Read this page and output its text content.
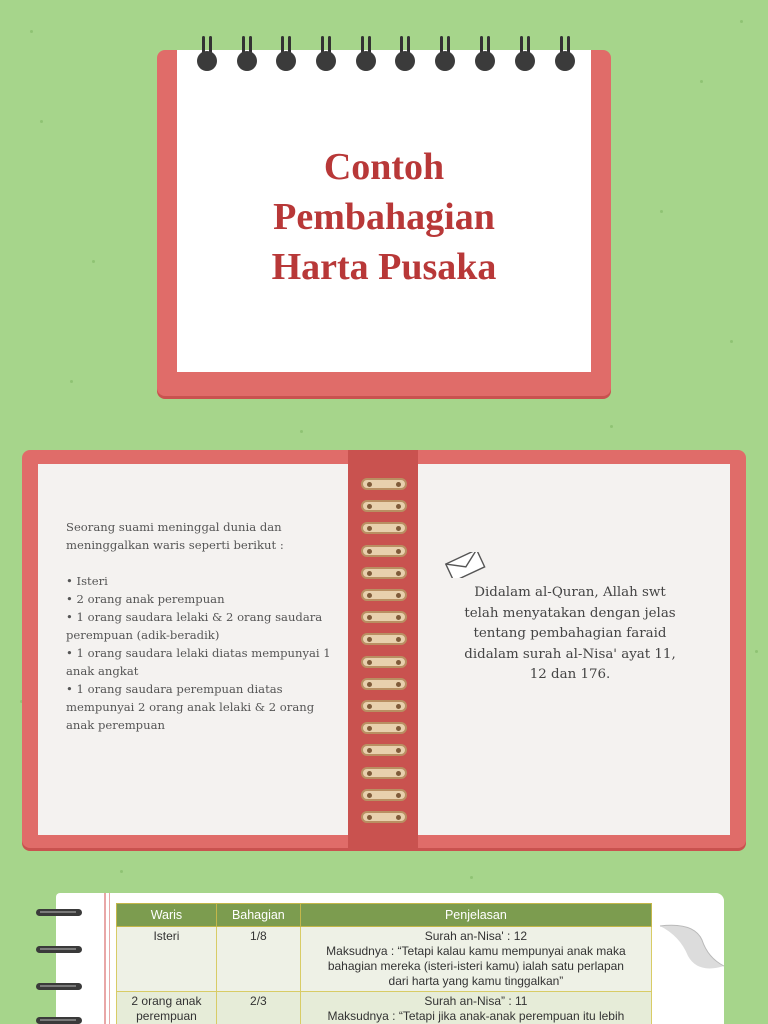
Contoh
Pembahagian
Harta Pusaka
Seorang suami meninggal dunia dan
meninggalkan waris seperti berikut :
• Isteri
• 2 orang anak perempuan
• 1 orang saudara lelaki & 2 orang saudara
perempuan (adik-beradik)
• 1 orang saudara lelaki diatas mempunyai 1
anak angkat
• 1 orang saudara perempuan diatas
mempunyai 2 orang anak lelaki & 2 orang
anak perempuan
Didalam al-Quran, Allah swt
telah menyatakan dengan jelas
tentang pembahagian faraid
didalam surah al-Nisa' ayat 11,
12 dan 176.
Waris	Bahagian	Penjelasan
Isteri	1/8	Surah an-Nisa' : 12
Maksudnya : “Tetapi kalau kamu mempunyai anak maka
bahagian mereka (isteri-isteri kamu) ialah satu perlapan
dari harta yang kamu tinggalkan”

2 orang anak perempuan	2/3	Surah an-Nisa” : 11
Maksudnya : “Tetapi jika anak-anak perempuan itu lebih
